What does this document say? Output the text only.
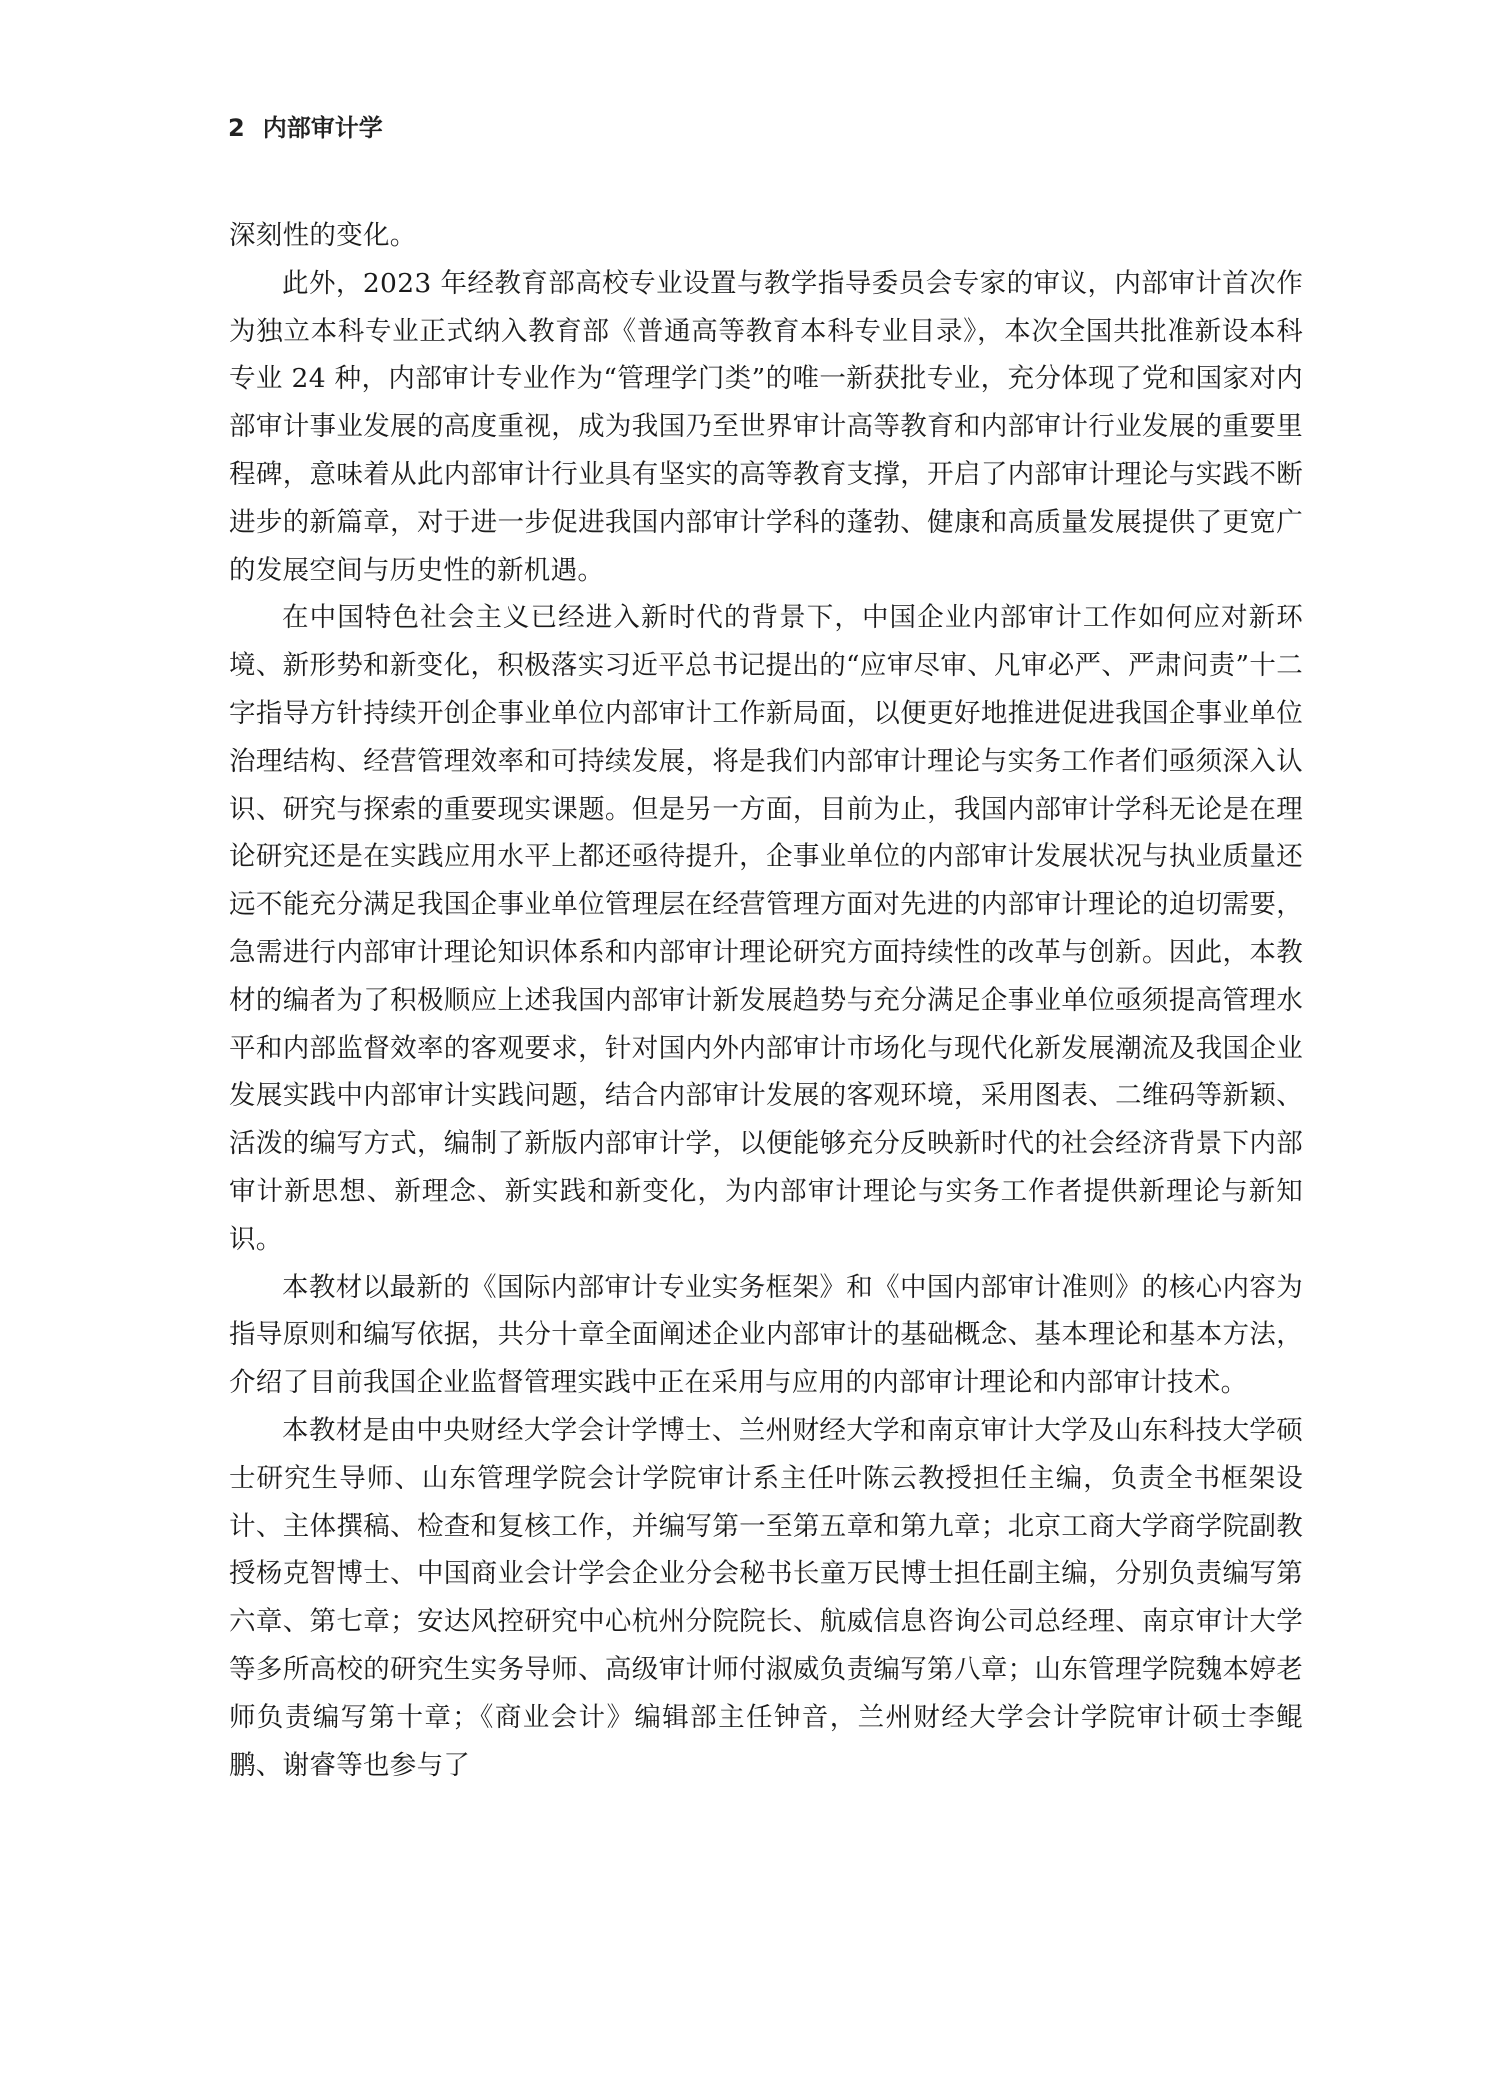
2 内部审计学

深刻性的变化。

此外，2023 年经教育部高校专业设置与教学指导委员会专家的审议，内部审计首次作为独立本科专业正式纳入教育部《普通高等教育本科专业目录》，本次全国共批准新设本科专业 24 种，内部审计专业作为“管理学门类”的唯一新获批专业，充分体现了党和国家对内部审计事业发展的高度重视，成为我国乃至世界审计高等教育和内部审计行业发展的重要里程碑，意味着从此内部审计行业具有坚实的高等教育支撑，开启了内部审计理论与实践不断进步的新篇章，对于进一步促进我国内部审计学科的蓬勃、健康和高质量发展提供了更宽广的发展空间与历史性的新机遇。

在中国特色社会主义已经进入新时代的背景下，中国企业内部审计工作如何应对新环境、新形势和新变化，积极落实习近平总书记提出的“应审尽审、凡审必严、严肃问责”十二字指导方针持续开创企事业单位内部审计工作新局面，以便更好地推进促进我国企事业单位治理结构、经营管理效率和可持续发展，将是我们内部审计理论与实务工作者们亟须深入认识、研究与探索的重要现实课题。但是另一方面，目前为止，我国内部审计学科无论是在理论研究还是在实践应用水平上都还亟待提升，企事业单位的内部审计发展状况与执业质量还远不能充分满足我国企事业单位管理层在经营管理方面对先进的内部审计理论的迫切需要，急需进行内部审计理论知识体系和内部审计理论研究方面持续性的改革与创新。因此，本教材的编者为了积极顺应上述我国内部审计新发展趋势与充分满足企事业单位亟须提高管理水平和内部监督效率的客观要求，针对国内外内部审计市场化与现代化新发展潮流及我国企业发展实践中内部审计实践问题，结合内部审计发展的客观环境，采用图表、二维码等新颖、活泼的编写方式，编制了新版内部审计学，以便能够充分反映新时代的社会经济背景下内部审计新思想、新理念、新实践和新变化，为内部审计理论与实务工作者提供新理论与新知识。

本教材以最新的《国际内部审计专业实务框架》和《中国内部审计准则》的核心内容为指导原则和编写依据，共分十章全面阐述企业内部审计的基础概念、基本理论和基本方法，介绍了目前我国企业监督管理实践中正在采用与应用的内部审计理论和内部审计技术。

本教材是由中央财经大学会计学博士、兰州财经大学和南京审计大学及山东科技大学硕士研究生导师、山东管理学院会计学院审计系主任叶陈云教授担任主编，负责全书框架设计、主体撰稿、检查和复核工作，并编写第一至第五章和第九章；北京工商大学商学院副教授杨克智博士、中国商业会计学会企业分会秘书长童万民博士担任副主编，分别负责编写第六章、第七章；安达风控研究中心杭州分院院长、航威信息咨询公司总经理、南京审计大学等多所高校的研究生实务导师、高级审计师付淑威负责编写第八章；山东管理学院魏本婷老师负责编写第十章；《商业会计》编辑部主任钟音，兰州财经大学会计学院审计硕士李鲲鹏、谢睿等也参与了
